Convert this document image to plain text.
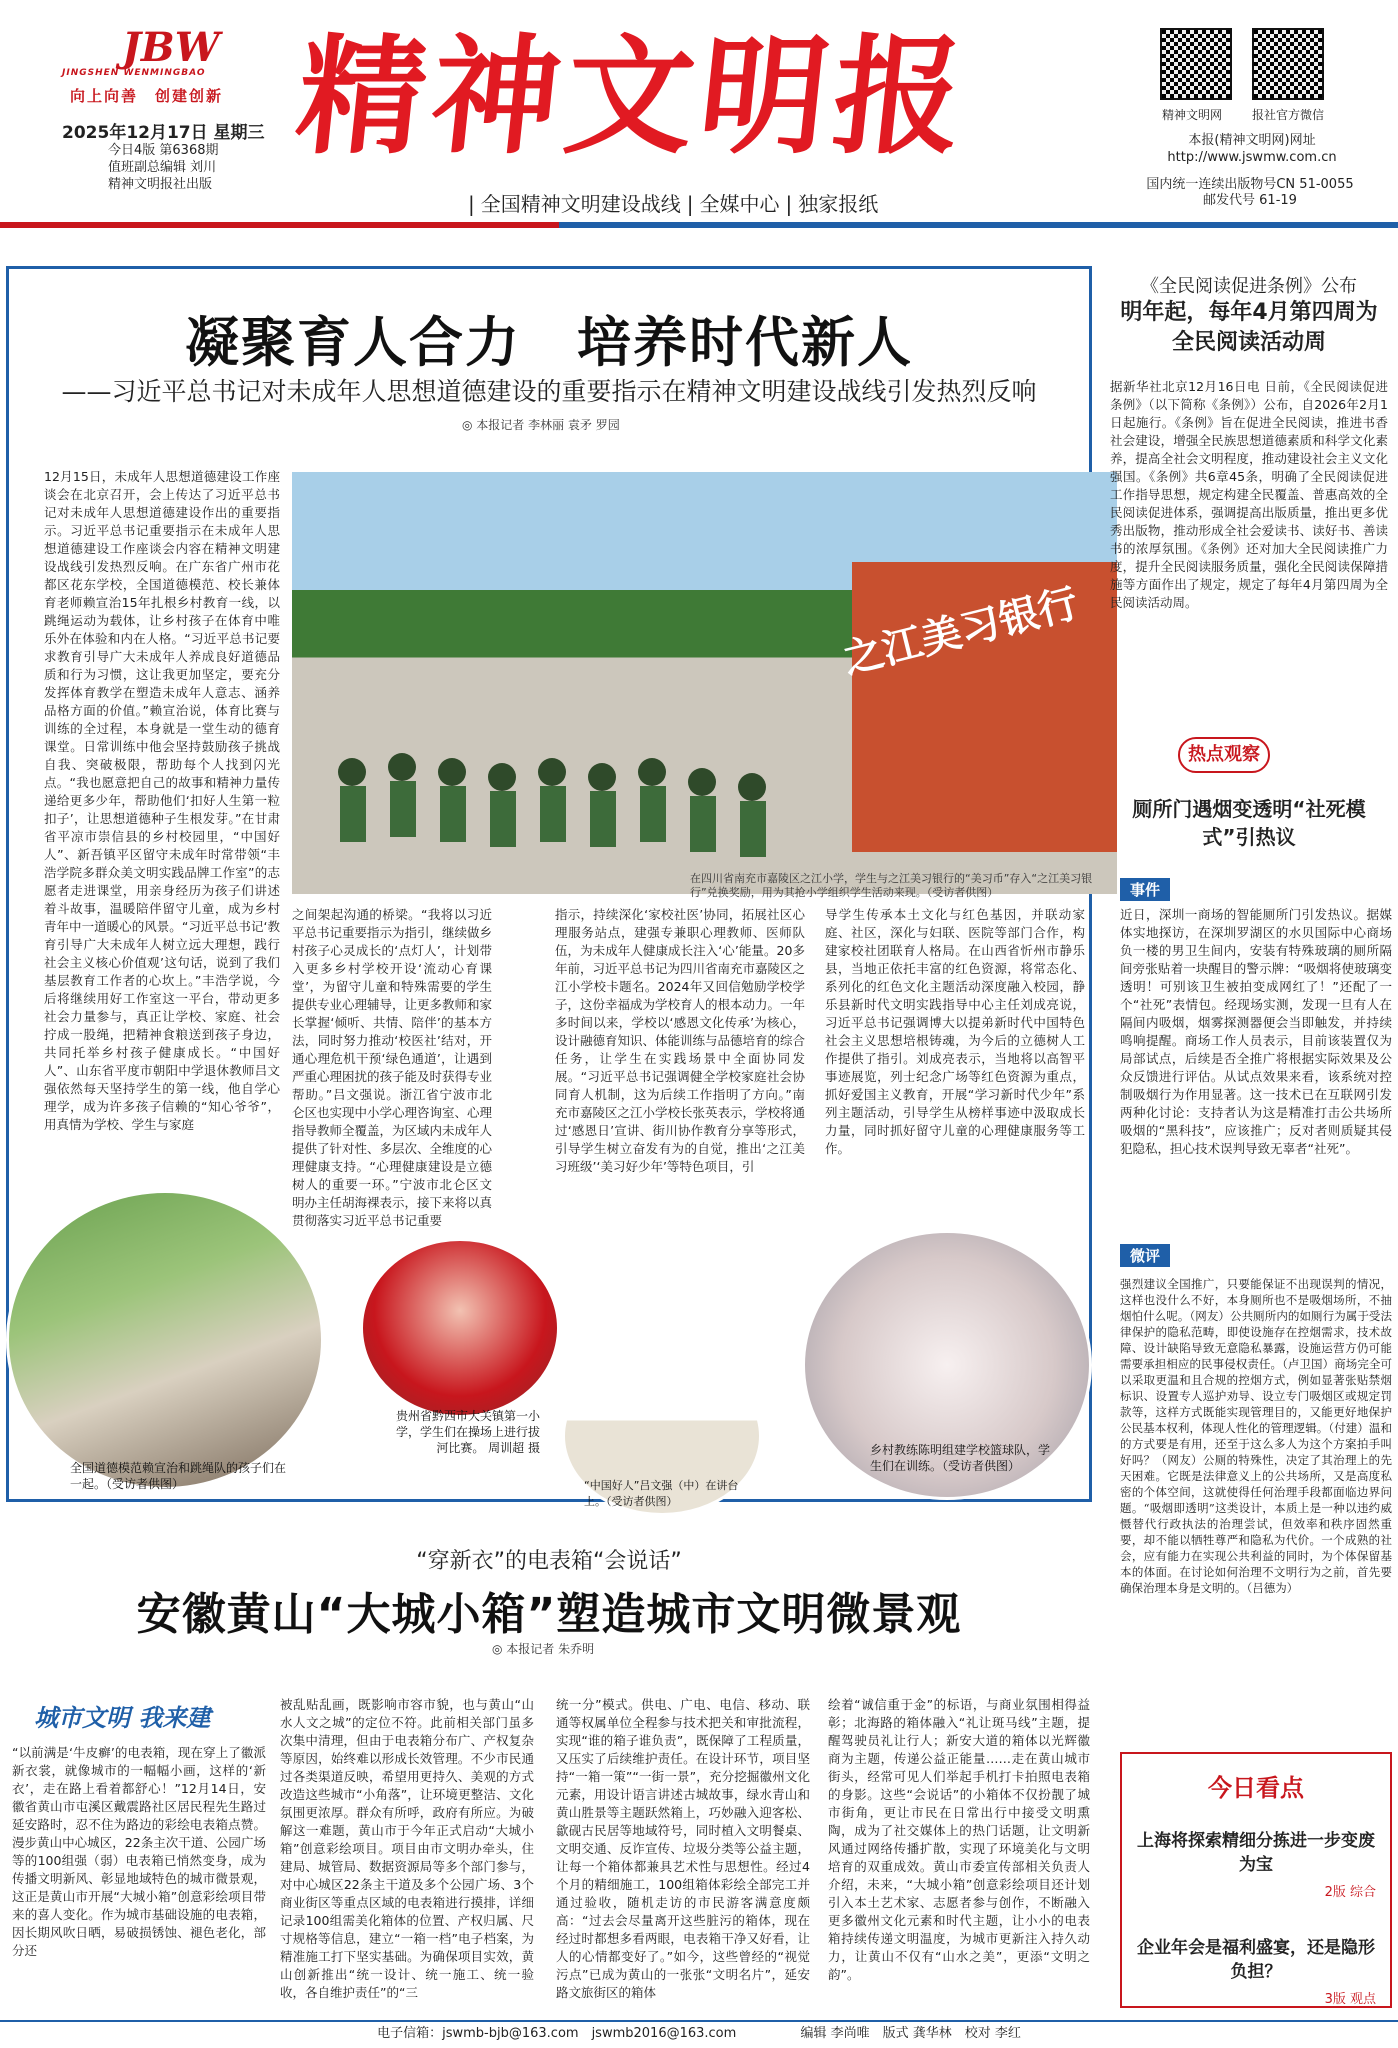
JBW
JINGSHEN WENMINGBAO
向上向善　创建创新
2025年12月17日 星期三
今日4版 第6368期
值班副总编辑 刘川
精神文明报社出版
精神文明报
| 全国精神文明建设战线 | 全媒中心 | 独家报纸
精神文明网 报社官方微信
本报(精神文明网)网址
http://www.jswmw.com.cn
国内统一连续出版物号CN 51-0055
邮发代号 61-19
凝聚育人合力　培养时代新人
——习近平总书记对未成年人思想道德建设的重要指示在精神文明建设战线引发热烈反响
◎ 本报记者 李林丽 袁矛 罗园
12月15日，未成年人思想道德建设工作座谈会在北京召开，会上传达了习近平总书记对未成年人思想道德建设作出的重要指示。习近平总书记重要指示在未成年人思想道德建设工作座谈会内容在精神文明建设战线引发热烈反响。在广东省广州市花都区花东学校，全国道德模范、校长兼体育老师赖宣治15年扎根乡村教育一线，以跳绳运动为载体，让乡村孩子在体育中唯乐外在体验和内在人格。“习近平总书记要求教育引导广大未成年人养成良好道德品质和行为习惯，这让我更加坚定，要充分发挥体育教学在塑造未成年人意志、涵养品格方面的价值。”赖宣治说，体育比赛与训练的全过程，本身就是一堂生动的德育课堂。日常训练中他会坚持鼓励孩子挑战自我、突破极限，帮助每个人找到闪光点。“我也愿意把自己的故事和精神力量传递给更多少年，帮助他们‘扣好人生第一粒扣子’，让思想道德种子生根发芽。”在甘肃省平凉市崇信县的乡村校园里，“中国好人”、新吾镇平区留守未成年时常带领“丰浩学院多群众美文明实践品牌工作室”的志愿者走进课堂，用亲身经历为孩子们讲述着斗故事，温暖陪伴留守儿童，成为乡村青年中一道暖心的风景。“习近平总书记‘教育引导广大未成年人树立远大理想，践行社会主义核心价值观’这句话，说到了我们基层教育工作者的心坎上。”丰浩学说，今后将继续用好工作室这一平台，带动更多社会力量参与，真正让学校、家庭、社会拧成一股绳，把精神食粮送到孩子身边，共同托举乡村孩子健康成长。“中国好人”、山东省平度市朝阳中学退休教师吕文强依然每天坚持学生的第一线，他自学心理学，成为许多孩子信赖的“知心爷爷”，用真情为学校、学生与家庭
之江美习银行
在四川省南充市嘉陵区之江小学，学生与之江美习银行的“美习币”存入“之江美习银行”兑换奖励，用为其抢小学组织学生活动来现。（受访者供图）
之间架起沟通的桥梁。“我将以习近平总书记重要指示为指引，继续做乡村孩子心灵成长的‘点灯人’，计划带入更多乡村学校开设‘流动心育课堂’，为留守儿童和特殊需要的学生提供专业心理辅导，让更多教师和家长掌握‘倾听、共情、陪伴’的基本方法，同时努力推动‘校医社’结对，开通心理危机干预‘绿色通道’，让遇到严重心理困扰的孩子能及时获得专业帮助。”吕文强说。浙江省宁波市北仑区也实现中小学心理咨询室、心理指导教师全覆盖，为区域内未成年人提供了针对性、多层次、全维度的心理健康支持。“心理健康建设是立德树人的重要一环。”宁波市北仑区文明办主任胡海裸表示，接下来将以真贯彻落实习近平总书记重要
指示，持续深化‘家校社医’协同，拓展社区心理服务站点，建强专兼职心理教师、医师队伍，为未成年人健康成长注入‘心’能量。20多年前，习近平总书记为四川省南充市嘉陵区之江小学校卡题名。2024年又回信勉励学校学子，这份幸福成为学校育人的根本动力。一年多时间以来，学校以‘感恩文化传承’为核心，设计融德育知识、体能训练与品德培育的综合任务，让学生在实践场景中全面协同发展。“习近平总书记强调健全学校家庭社会协同育人机制，这为后续工作指明了方向。”南充市嘉陵区之江小学校长张英表示，学校将通过‘感恩日’宣讲、街川协作教育分享等形式，引导学生树立奋发有为的自觉，推出‘之江美习班级’‘美习好少年’等特色项目，引
导学生传承本土文化与红色基因，并联动家庭、社区，深化与妇联、医院等部门合作，构建家校社团联育人格局。在山西省忻州市静乐县，当地正依托丰富的红色资源，将常态化、系列化的红色文化主题活动深度融入校园，静乐县新时代文明实践指导中心主任刘成亮说，习近平总书记强调博大以提弟新时代中国特色社会主义思想培根铸魂，为今后的立德树人工作提供了指引。刘成亮表示，当地将以高智平事迹展览，列士纪念广场等红色资源为重点，抓好爱国主义教育，开展“学习新时代少年”系列主题活动，引导学生从榜样事迹中汲取成长力量，同时抓好留守儿童的心理健康服务等工作。
全国道德模范赖宣治和跳绳队的孩子们在一起。（受访者供图）
贵州省黔西市大关镇第一小学，学生们在操场上进行拔河比赛。 周训超 摄
“中国好人”吕文强（中）在讲台上。（受访者供图）
乡村教练陈明组建学校篮球队，学生们在训练。（受访者供图）
《全民阅读促进条例》公布
明年起，每年4月第四周为全民阅读活动周
据新华社北京12月16日电 日前，《全民阅读促进条例》（以下简称《条例》）公布，自2026年2月1日起施行。《条例》旨在促进全民阅读，推进书香社会建设，增强全民族思想道德素质和科学文化素养，提高全社会文明程度，推动建设社会主义文化强国。《条例》共6章45条，明确了全民阅读促进工作指导思想，规定构建全民覆盖、普惠高效的全民阅读促进体系，强调提高出版质量，推出更多优秀出版物，推动形成全社会爱读书、读好书、善读书的浓厚氛围。《条例》还对加大全民阅读推广力度，提升全民阅读服务质量，强化全民阅读保障措施等方面作出了规定，规定了每年4月第四周为全民阅读活动周。
热点观察
厕所门遇烟变透明“社死模式”引热议
事件
近日，深圳一商场的智能厕所门引发热议。据媒体实地探访，在深圳罗湖区的水贝国际中心商场负一楼的男卫生间内，安装有特殊玻璃的厕所隔间旁张贴着一块醒目的警示牌：“吸烟将使玻璃变透明！可别该卫生被拍变成网红了！”还配了一个“社死”表情包。经现场实测，发现一旦有人在隔间内吸烟，烟雾探测器便会当即触发，并持续鸣响提醒。商场工作人员表示，目前该装置仅为局部试点，后续是否全推广将根据实际效果及公众反馈进行评估。从试点效果来看，该系统对控制吸烟行为作用显著。这一技术已在互联网引发两种化讨论：支持者认为这是精准打击公共场所吸烟的“黑科技”，应该推广；反对者则质疑其侵犯隐私，担心技术误判导致无辜者“社死”。
微评
强烈建议全国推广，只要能保证不出现误判的情况，这样也没什么不好，本身厕所也不是吸烟场所，不抽烟怕什么呢。（网友）公共厕所内的如厕行为属于受法律保护的隐私范畴，即使设施存在控烟需求，技术故障、设计缺陷导致无意隐私暴露，设施运营方仍可能需要承担相应的民事侵权责任。（卢卫国）商场完全可以采取更温和且合规的控烟方式，例如显著张贴禁烟标识、设置专人巡护劝导、设立专门吸烟区或规定罚款等，这样方式既能实现管理目的，又能更好地保护公民基本权利，体现人性化的管理逻辑。（付建）温和的方式要是有用，还至于这么多人为这个方案拍手叫好吗？（网友）公厕的特殊性，决定了其治理上的先天困难。它既是法律意义上的公共场所，又是高度私密的个体空间，这就使得任何治理手段都面临边界问题。“吸烟即透明”这类设计，本质上是一种以违约威慑替代行政执法的治理尝试，但效率和秩序固然重要，却不能以牺牲尊严和隐私为代价。一个成熟的社会，应有能力在实现公共利益的同时，为个体保留基本的体面。在讨论如何治理不文明行为之前，首先要确保治理本身是文明的。（吕德为）
“穿新衣”的电表箱“会说话”
安徽黄山“大城小箱”塑造城市文明微景观
◎ 本报记者 朱乔明
城市文明 我来建
“以前满是‘牛皮癣’的电表箱，现在穿上了徽派新衣裳，就像城市的一幅幅小画，这样的‘新衣’，走在路上看着都舒心！”12月14日，安徽省黄山市屯溪区戴震路社区居民程先生路过延安路时，忍不住为路边的彩绘电表箱点赞。漫步黄山中心城区，22条主次干道、公园广场等的100组强（弱）电表箱已悄然变身，成为传播文明新风、彰显地域特色的城市微景观，这正是黄山市开展“大城小箱”创意彩绘项目带来的喜人变化。作为城市基础设施的电表箱，因长期风吹日晒，易破损锈蚀、褪色老化，部分还
被乱贴乱画，既影响市容市貌，也与黄山“山水人文之城”的定位不符。此前相关部门虽多次集中清理，但由于电表箱分布广、产权复杂等原因，始终难以形成长效管理。不少市民通过各类渠道反映，希望用更持久、美观的方式改造这些城市“小角落”，让环境更整洁、文化氛围更浓厚。群众有所呼，政府有所应。为破解这一难题，黄山市于今年正式启动“大城小箱”创意彩绘项目。项目由市文明办牵头，住建局、城管局、数据资源局等多个部门参与，对中心城区22条主干道及多个公园广场、3个商业街区等重点区域的电表箱进行摸排，详细记录100组需美化箱体的位置、产权归属、尺寸规格等信息，建立“一箱一档”电子档案，为精准施工打下坚实基础。为确保项目实效，黄山创新推出“统一设计、统一施工、统一验收，各自维护责任”的“三
统一分”模式。供电、广电、电信、移动、联通等权属单位全程参与技术把关和审批流程，实现“谁的箱子谁负责”，既保障了工程质量，又压实了后续维护责任。在设计环节，项目坚持“一箱一策”“一街一景”，充分挖掘徽州文化元素，用设计语言讲述古城故事，绿水青山和黄山胜景等主题跃然箱上，巧妙融入迎客松、歙砚古民居等地域符号，同时植入文明餐桌、文明交通、反诈宣传、垃圾分类等公益主题，让每一个箱体都兼具艺术性与思想性。经过4个月的精细施工，100组箱体彩绘全部完工并通过验收，随机走访的市民游客满意度颇高：“过去会尽量离开这些脏污的箱体，现在经过时都想多看两眼，电表箱干净又好看，让人的心情都变好了。”如今，这些曾经的“视觉污点”已成为黄山的一张张“文明名片”，延安路文旅街区的箱体
绘着“诚信重于金”的标语，与商业氛围相得益彰；北海路的箱体融入“礼让斑马线”主题，提醒驾驶员礼让行人；新安大道的箱体以光辉徽商为主题，传递公益正能量……走在黄山城市街头，经常可见人们举起手机打卡拍照电表箱的身影。这些“会说话”的小箱体不仅扮靓了城市街角，更让市民在日常出行中接受文明熏陶，成为了社交媒体上的热门话题，让文明新风通过网络传播扩散，实现了环境美化与文明培育的双重成效。黄山市委宣传部相关负责人介绍，未来，“大城小箱”创意彩绘项目还计划引入本土艺术家、志愿者参与创作，不断融入更多徽州文化元素和时代主题，让小小的电表箱持续传递文明温度，为城市更新注入持久动力，让黄山不仅有“山水之美”，更添“文明之韵”。
今日看点
上海将探索精细分拣进一步变废为宝
2版 综合
企业年会是福利盛宴，还是隐形负担？
3版 观点
电子信箱：jswmb-bjb@163.com　jswmb2016@163.com	编辑 李尚唯　版式 龚华林　校对 李红
